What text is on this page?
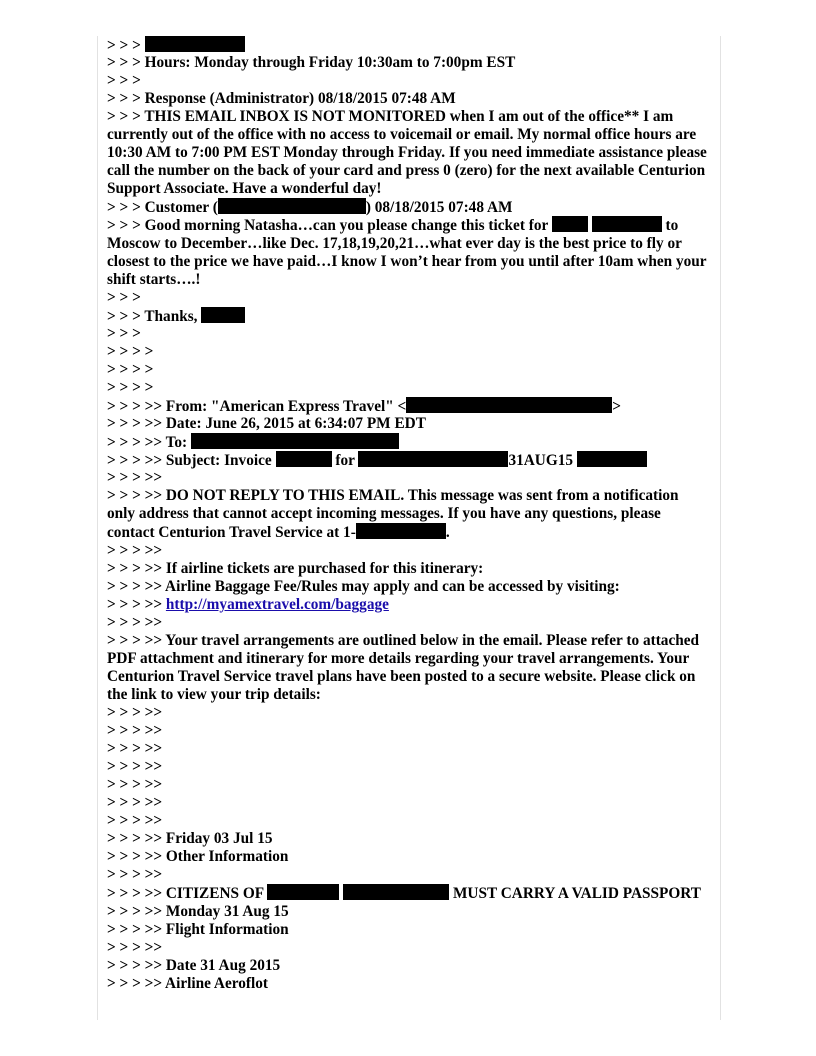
> > >
> > > Hours: Monday through Friday 10:30am to 7:00pm EST
> > >
> > > Response (Administrator) 08/18/2015 07:48 AM
> > > THIS EMAIL INBOX IS NOT MONITORED when I am out of the office** I am currently out of the office with no access to voicemail or email. My normal office hours are 10:30 AM to 7:00 PM EST Monday through Friday. If you need immediate assistance please call the number on the back of your card and press 0 (zero) for the next available Centurion Support Associate. Have a wonderful day!
> > > Customer (	) 08/18/2015 07:48 AM
> > > Good morning Natasha…can you please change this ticket for	to Moscow to December…like Dec. 17,18,19,20,21…what ever day is the best price to fly or closest to the price we have paid…I know I won’t hear from you until after 10am when your shift starts….!
> > >
> > > Thanks,
> > >
> > > >
> > > >
> > > >
> > > >> From: "American Express Travel" <	>
> > > >> Date: June 26, 2015 at 6:34:07 PM EDT
> > > >> To:
> > > >> Subject: Invoice	for	31AUG15
> > > >>
> > > >> DO NOT REPLY TO THIS EMAIL. This message was sent from a notification only address that cannot accept incoming messages. If you have any questions, please contact Centurion Travel Service at 1-	.
> > > >>
> > > >> If airline tickets are purchased for this itinerary:
> > > >> Airline Baggage Fee/Rules may apply and can be accessed by visiting:
> > > >> http://myamextravel.com/baggage
> > > >>
> > > >> Your travel arrangements are outlined below in the email. Please refer to attached PDF attachment and itinerary for more details regarding your travel arrangements. Your Centurion Travel Service travel plans have been posted to a secure website. Please click on the link to view your trip details:
> > > >>
> > > >>
> > > >>
> > > >>
> > > >>
> > > >>
> > > >>
> > > >> Friday 03 Jul 15
> > > >> Other Information
> > > >>
> > > >> CITIZENS OF	MUST CARRY A VALID PASSPORT
> > > >> Monday 31 Aug 15
> > > >> Flight Information
> > > >>
> > > >> Date 31 Aug 2015
> > > >> Airline Aeroflot
